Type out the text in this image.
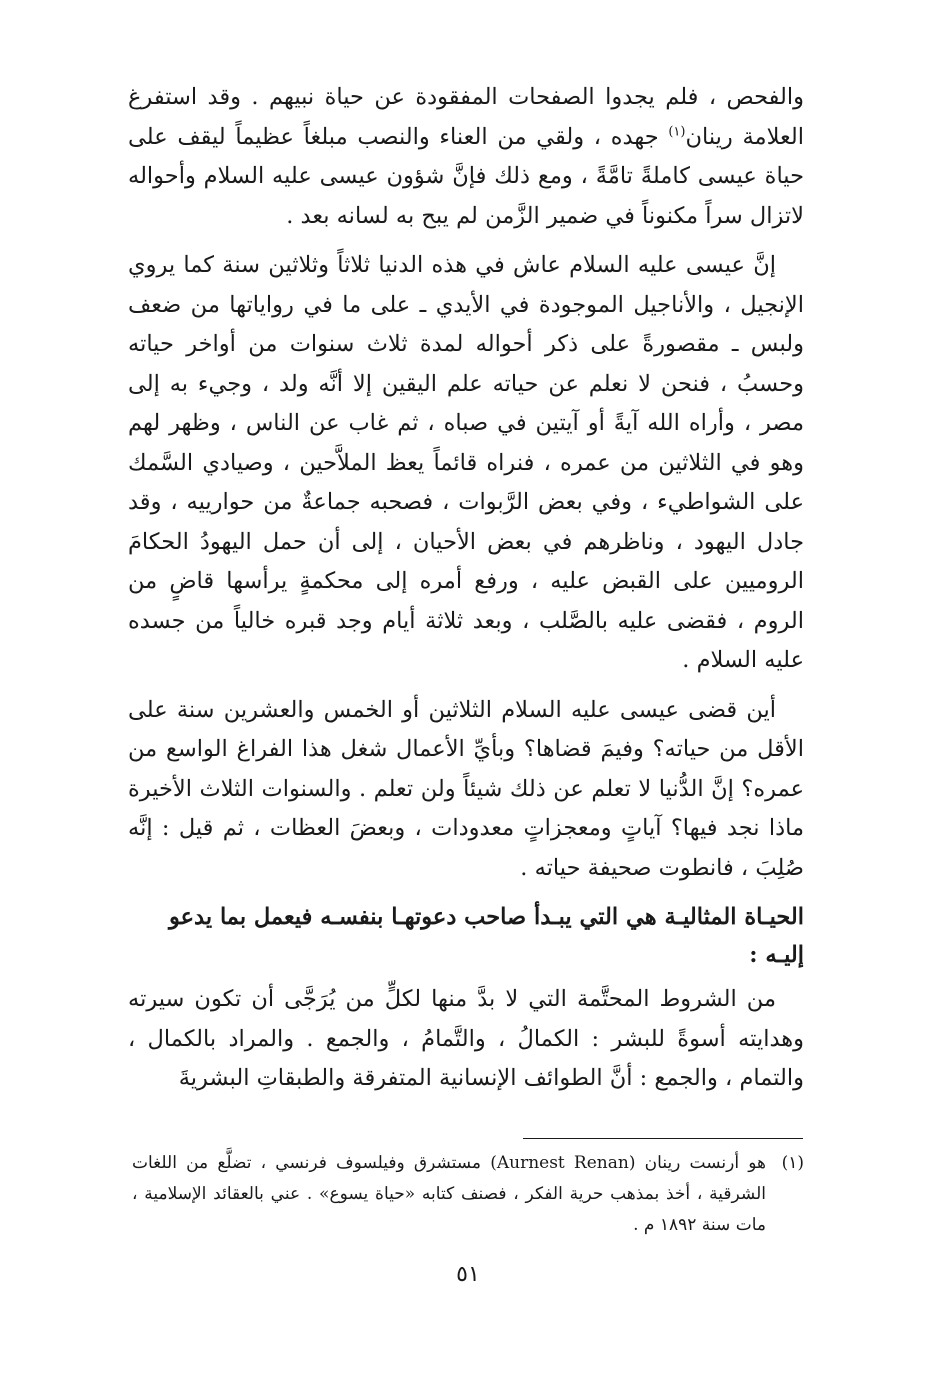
والفحص ، فلم يجدوا الصفحات المفقودة عن حياة نبيهم . وقد استفرغ العلامة رينان$^{(١)}$ جهده ، ولقي من العناء والنصب مبلغاً عظيماً ليقف على حياة عيسى كاملةً تامَّةً ، ومع ذلك فإنَّ شؤون عيسى عليه السلام وأحواله لاتزال سراً مكنوناً في ضمير الزَّمن لم يبح به لسانه بعد .

إنَّ عيسى عليه السلام عاش في هذه الدنيا ثلاثاً وثلاثين سنة كما يروي الإنجيل ، والأناجيل الموجودة في الأيدي ـ على ما في رواياتها من ضعف ولبس ـ مقصورةً على ذكر أحواله لمدة ثلاث سنوات من أواخر حياته وحسبُ ، فنحن لا نعلم عن حياته علم اليقين إلا أنَّه ولد ، وجيء به إلى مصر ، وأراه الله آيةً أو آيتين في صباه ، ثم غاب عن الناس ، وظهر لهم وهو في الثلاثين من عمره ، فنراه قائماً يعظ الملاَّحين ، وصيادي السَّمك على الشواطيء ، وفي بعض الرَّبوات ، فصحبه جماعةٌ من حوارييه ، وقد جادل اليهود ، وناظرهم في بعض الأحيان ، إلى أن حمل اليهودُ الحكامَ الروميين على القبض عليه ، ورفع أمره إلى محكمةٍ يرأسها قاضٍ من الروم ، فقضى عليه بالصَّلب ، وبعد ثلاثة أيام وجد قبره خالياً من جسده عليه السلام .

أين قضى عيسى عليه السلام الثلاثين أو الخمس والعشرين سنة على الأقل من حياته؟ وفيمَ قضاها؟ وبأيِّ الأعمال شغل هذا الفراغ الواسع من عمره؟ إنَّ الدُّنيا لا تعلم عن ذلك شيئاً ولن تعلم . والسنوات الثلاث الأخيرة ماذا نجد فيها؟ آياتٍ ومعجزاتٍ معدودات ، وبعضَ العظات ، ثم قيل : إنَّه صُلِبَ ، فانطوت صحيفة حياته .

الحيـاة المثاليـة هي التي يبـدأ صاحب دعوتهـا بنفسـه فيعمل بما يدعو إليـه :

من الشروط المحتَّمة التي لا بدَّ منها لكلٍّ من يُرَجَّى أن تكون سيرته وهدايته أسوةً للبشر : الكمالُ ، والتَّمامُ ، والجمع . والمراد بالكمال ، والتمام ، والجمع : أنَّ الطوائف الإنسانية المتفرقة والطبقاتِ البشريةَ

(١)
هو أرنست رينان (Aurnest Renan) مستشرق وفيلسوف فرنسي ، تضلَّع من اللغات الشرقية ، أخذ بمذهب حرية الفكر ، فصنف كتابه «حياة يسوع» . عني بالعقائد الإسلامية ، مات سنة ١٨٩٢ م .
٥١
